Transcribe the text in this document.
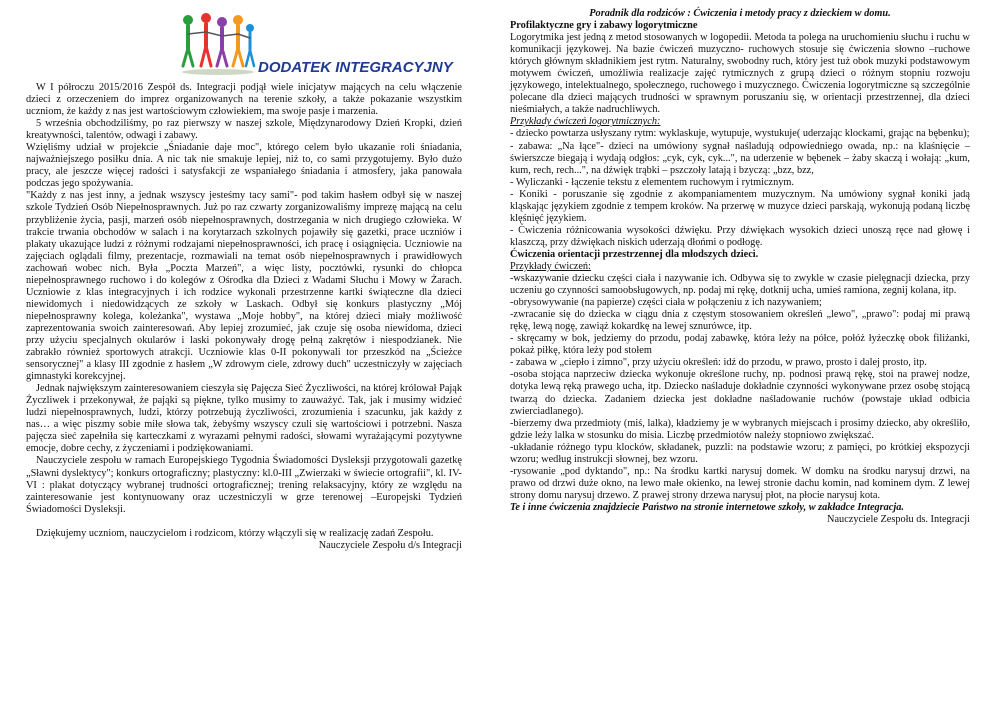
DODATEK INTEGRACYJNY

W I półroczu 2015/2016 Zespół ds. Integracji podjął wiele inicjatyw mających na celu włączenie dzieci z orzeczeniem do imprez organizowanych na terenie szkoły, a także pokazanie wszystkim uczniom, że każdy z nas jest wartościowym człowiekiem, ma swoje pasje i marzenia.

5 września obchodziliśmy, po raz pierwszy w naszej szkole, Międzynarodowy Dzień Kropki, dzień kreatywności, talentów, odwagi i zabawy.

Wzięliśmy udział w projekcie „Śniadanie daje moc", którego celem było ukazanie roli śniadania, najważniejszego posiłku dnia. A nic tak nie smakuje lepiej, niż to, co sami przygotujemy. Było dużo pracy, ale jeszcze więcej radości i satysfakcji ze wspaniałego śniadania i atmosfery, jaka panowała podczas jego spożywania.

"Każdy z nas jest inny, a jednak wszyscy jesteśmy tacy sami"- pod takim hasłem odbył się w naszej szkole Tydzień Osób Niepełnosprawnych. Już po raz czwarty zorganizowaliśmy imprezę mającą na celu przybliżenie życia, pasji, marzeń osób niepełnosprawnych, dostrzegania w nich drugiego człowieka. W trakcie trwania obchodów w salach i na korytarzach szkolnych pojawiły się gazetki, prace uczniów i plakaty ukazujące ludzi z różnymi rodzajami niepełnosprawności, ich pracę i osiągnięcia. Uczniowie na zajęciach oglądali filmy, prezentacje, rozmawiali na temat osób niepełnosprawnych i prawidłowych zachowań wobec nich. Była „Poczta Marzeń", a więc listy, pocztówki, rysunki do chłopca niepełnosprawnego ruchowo i do kolegów z Ośrodka dla Dzieci z Wadami Słuchu i Mowy w Żarach. Uczniowie z klas integracyjnych i ich rodzice wykonali przestrzenne kartki świąteczne dla dzieci niewidomych i niedowidzących ze szkoły w Laskach. Odbył się konkurs plastyczny „Mój niepełnosprawny kolega, koleżanka", wystawa „Moje hobby", na której dzieci miały możliwość zaprezentowania swoich zainteresowań. Aby lepiej zrozumieć, jak czuje się osoba niewidoma, dzieci przy użyciu specjalnych okularów i laski pokonywały drogę pełną zakrętów i niespodzianek. Nie zabrakło również sportowych atrakcji. Uczniowie klas 0-II pokonywali tor przeszkód na „Ścieżce sensorycznej" a klasy III zgodnie z hasłem „W zdrowym ciele, zdrowy duch" uczestniczyły w zajęciach gimnastyki korekcyjnej.

Jednak największym zainteresowaniem cieszyła się Pajęcza Sieć Życzliwości, na której królował Pająk Życzliwek i przekonywał, że pająki są piękne, tylko musimy to zauważyć. Tak, jak i musimy widzieć ludzi niepełnosprawnych, ludzi, którzy potrzebują życzliwości, zrozumienia i szacunku, jak każdy z nas… a więc piszmy sobie miłe słowa tak, żebyśmy wszyscy czuli się wartościowi i potrzebni. Nasza pajęcza sieć zapełniła się karteczkami z wyrazami pełnymi radości, słowami wyrażającymi pozytywne emocje, dobre cechy, z życzeniami i podziękowaniami.

Nauczyciele zespołu w ramach Europejskiego Tygodnia Świadomości Dysleksji przygotowali gazetkę „Sławni dyslektycy"; konkurs ortograficzny; plastyczny: kl.0-III „Zwierzaki w świecie ortografii", kl. IV- VI : plakat dotyczący wybranej trudności ortograficznej; trening relaksacyjny, który ze względu na zainteresowanie jest kontynuowany oraz uczestniczyli w grze terenowej –Europejski Tydzień Świadomości Dysleksji.

Dziękujemy uczniom, nauczycielom i rodzicom, którzy włączyli się w realizację zadań Zespołu.

Nauczyciele Zespołu d/s Integracji

Poradnik dla rodziców : Ćwiczenia i metody pracy z dzieckiem w domu.

Profilaktyczne gry i zabawy logorytmiczne

Logorytmika jest jedną z metod stosowanych w logopedii. Metoda ta polega na uruchomieniu słuchu i ruchu w komunikacji językowej. Na bazie ćwiczeń muzyczno- ruchowych stosuje się ćwiczenia słowno –ruchowe których głównym składnikiem jest rytm. Naturalny, swobodny ruch, który jest tuż obok muzyki podstawowym motywem ćwiczeń, umożliwia realizacje zajęć rytmicznych z grupą dzieci o różnym stopniu rozwoju językowego, intelektualnego, społecznego, ruchowego i muzycznego. Ćwiczenia logorytmiczne są szczególnie polecane dla dzieci mających trudności w sprawnym poruszaniu się, w orientacji przestrzennej, dla dzieci nieśmiałych, a także nadruchliwych.

Przykłady ćwiczeń logorytmicznych:

- dziecko powtarza usłyszany rytm: wyklaskuje, wytupuje, wystukuje( uderzając klockami, grając na bębenku);

- zabawa: „Na łące"- dzieci na umówiony sygnał naśladują odpowiedniego owada, np.: na klaśnięcie – świerszcze biegają i wydają odgłos: „cyk, cyk, cyk...", na uderzenie w bębenek – żaby skaczą i wołają: „kum, kum, rech, rech...", na dźwięk trąbki – pszczoły latają i bzyczą: „bzz, bzz,

- Wyliczanki - łączenie tekstu z elementem ruchowym i rytmicznym.

- Koniki - poruszanie się zgodnie z akompaniamentem muzycznym. Na umówiony sygnał koniki jadą kląskając językiem zgodnie z tempem kroków. Na przerwę w muzyce dzieci parskają, wykonują podaną liczbę klęśnięć językiem.

- Ćwiczenia różnicowania wysokości dźwięku. Przy dźwiękach wysokich dzieci unoszą ręce nad głowę i klaszczą, przy dźwiękach niskich uderzają dłońmi o podłogę.

Ćwiczenia orientacji przestrzennej dla młodszych dzieci.

Przykłady ćwiczeń:

-wskazywanie dziecku części ciała i nazywanie ich. Odbywa się to zwykle w czasie pielęgnacji dziecka, przy uczeniu go czynności samoobsługowych, np. podaj mi rękę, dotknij ucha, umieś ramiona, zegnij kolana, itp.

-obrysowywanie (na papierze) części ciała w połączeniu z ich nazywaniem;

-zwracanie się do dziecka w ciągu dnia z częstym stosowaniem określeń „lewo", „prawo": podaj mi prawą rękę, lewą nogę, zawiąż kokardkę na lewej sznurówce, itp.

- skręcamy w bok, jedziemy do przodu, podaj zabawkę, która leży na półce, połóż łyżeczkę obok filiżanki, pokaż piłkę, która leży pod stołem

- zabawa w „ciepło i zimno", przy użyciu określeń: idź do przodu, w prawo, prosto i dalej prosto, itp.

-osoba stojąca naprzeciw dziecka wykonuje określone ruchy, np. podnosi prawą rękę, stoi na prawej nodze, dotyka lewą ręką prawego ucha, itp. Dziecko naśladuje dokładnie czynności wykonywane przez osobę stojącą twarzą do dziecka. Zadaniem dziecka jest dokładne naśladowanie ruchów (powstaje układ odbicia zwierciadlanego).

-bierzemy dwa przedmioty (miś, lalka), kładziemy je w wybranych miejscach i prosimy dziecko, aby określiło, gdzie leży lalka w stosunku do misia. Liczbę przedmiotów należy stopniowo zwiększać.

-układanie różnego typu klocków, składanek, puzzli: na podstawie wzoru; z pamięci, po krótkiej ekspozycji wzoru; według instrukcji słownej, bez wzoru.

-rysowanie „pod dyktando", np.: Na środku kartki narysuj domek. W domku na środku narysuj drzwi, na prawo od drzwi duże okno, na lewo małe okienko, na lewej stronie dachu komin, nad kominem dym. Z lewej strony domu narysuj drzewo. Z prawej strony drzewa narysuj płot, na płocie narysuj kota.

Te i inne ćwiczenia znajdziecie Państwo na stronie internetowe szkoły, w zakładce Integracja.

Nauczyciele Zespołu ds. Integracji
